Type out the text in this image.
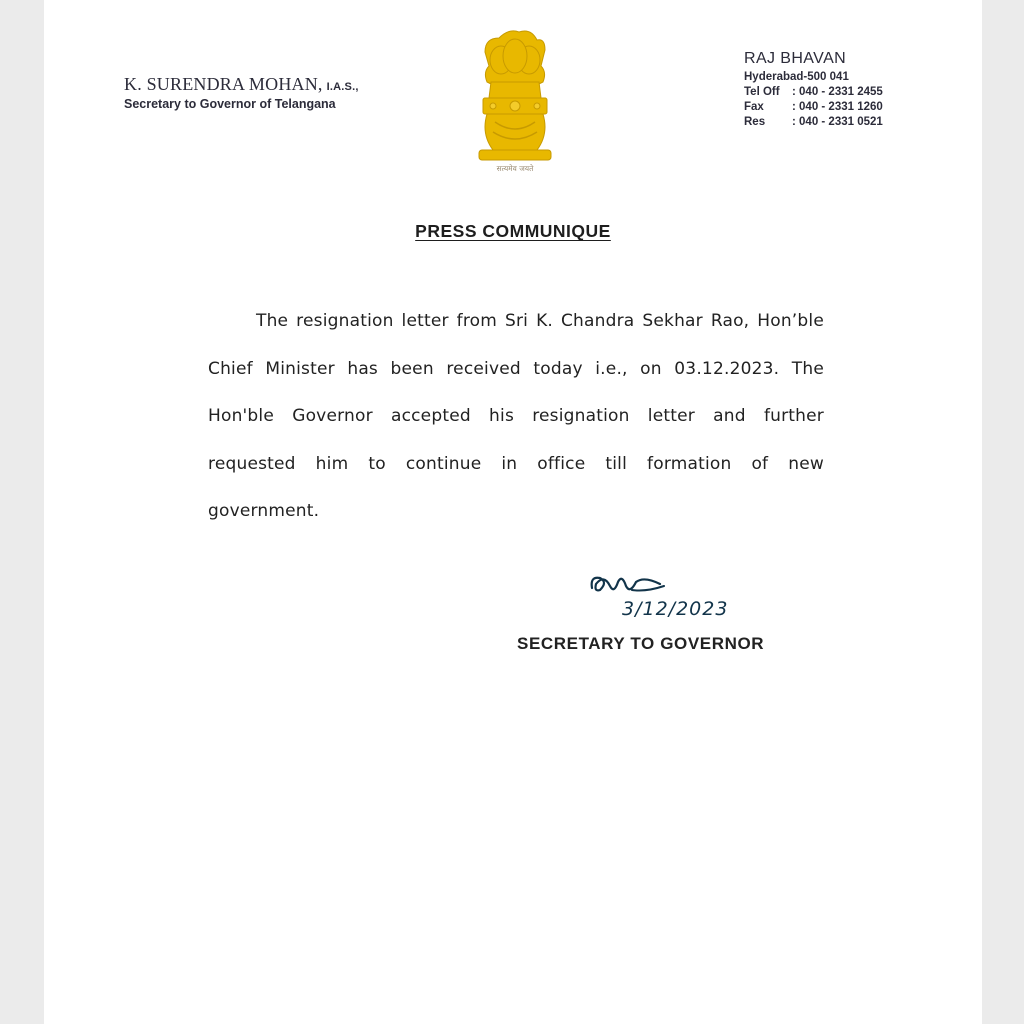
K. SURENDRA MOHAN, I.A.S.,
Secretary to Governor of Telangana
सत्यमेव जयते
RAJ BHAVAN
Hyderabad-500 041
Tel Off : 040 - 2331 2455
Fax : 040 - 2331 1260
Res : 040 - 2331 0521
PRESS COMMUNIQUE

The resignation letter from Sri K. Chandra Sekhar Rao, Hon’ble Chief Minister has been received today i.e., on 03.12.2023. The Hon'ble Governor accepted his resignation letter and further requested him to continue in office till formation of new government.

3/12/2023
SECRETARY TO GOVERNOR
